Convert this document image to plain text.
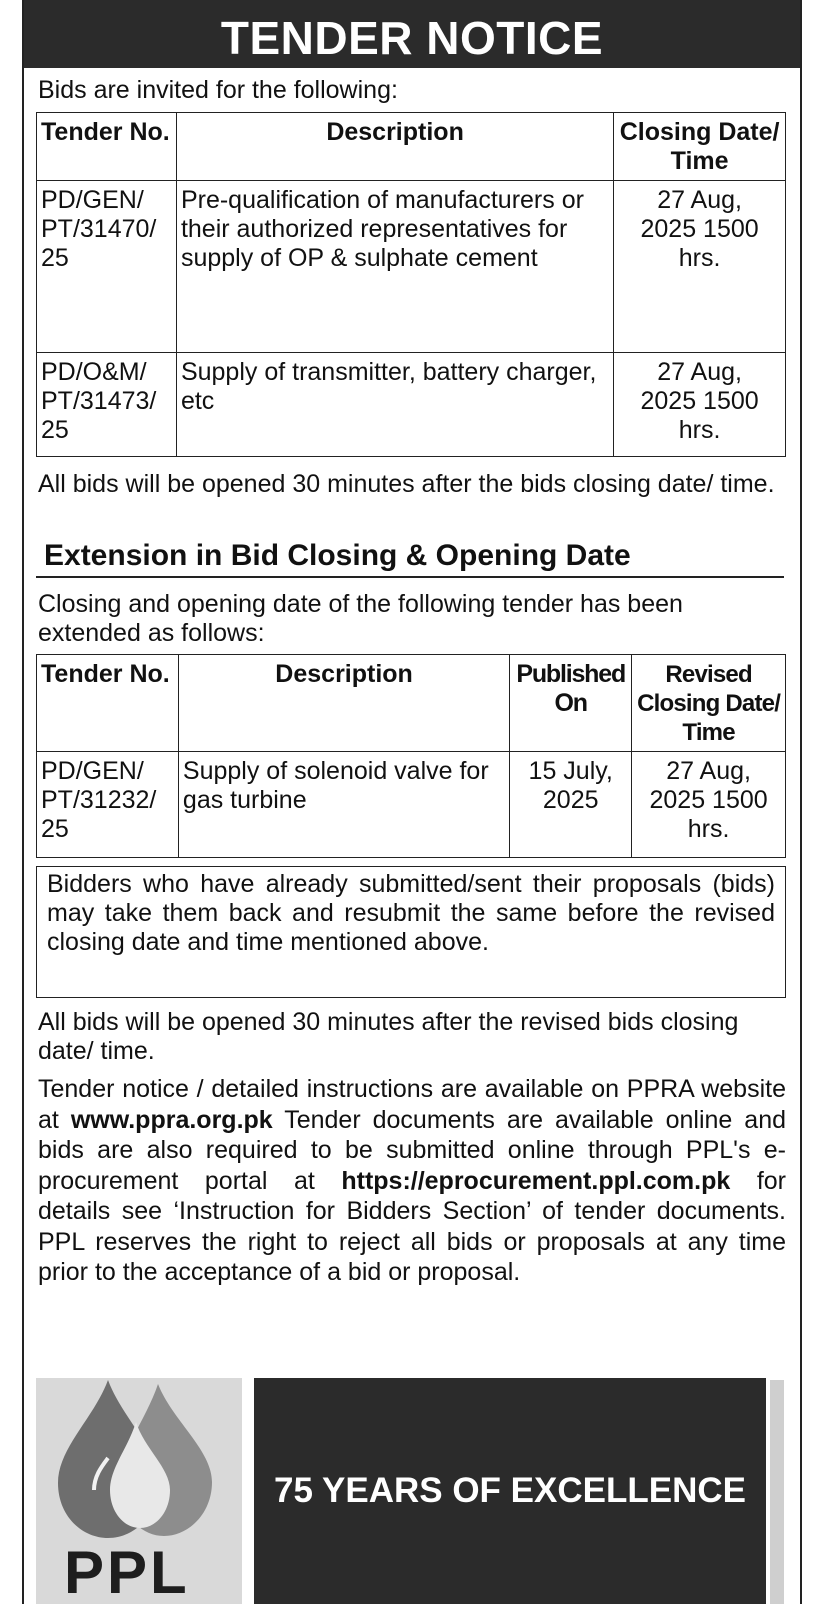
TENDER NOTICE
Bids are invited for the following:
Tender No.	Description	Closing Date/ Time
PD/GEN/ PT/31470/ 25	Pre-qualification of manufacturers or their authorized representatives for supply of OP & sulphate cement	27 Aug, 2025 1500 hrs.
PD/O&M/ PT/31473/ 25	Supply of transmitter, battery charger, etc	27 Aug, 2025 1500 hrs.
All bids will be opened 30 minutes after the bids closing date/ time.
Extension in Bid Closing & Opening Date
Closing and opening date of the following tender has been extended as follows:
Tender No.	Description	Published On	Revised Closing Date/ Time
PD/GEN/ PT/31232/ 25	Supply of solenoid valve for gas turbine	15 July, 2025	27 Aug, 2025 1500 hrs.
Bidders who have already submitted/sent their proposals (bids) may take them back and resubmit the same before the revised closing date and time mentioned above.
All bids will be opened 30 minutes after the revised bids closing date/ time.
Tender notice / detailed instructions are available on PPRA website at www.ppra.org.pk Tender documents are available online and bids are also required to be submitted online through PPL's e-procurement portal at https://eprocurement.ppl.com.pk for details see ‘Instruction for Bidders Section’ of tender documents. PPL reserves the right to reject all bids or proposals at any time prior to the acceptance of a bid or proposal.
PPL
75 YEARS OF EXCELLENCE
